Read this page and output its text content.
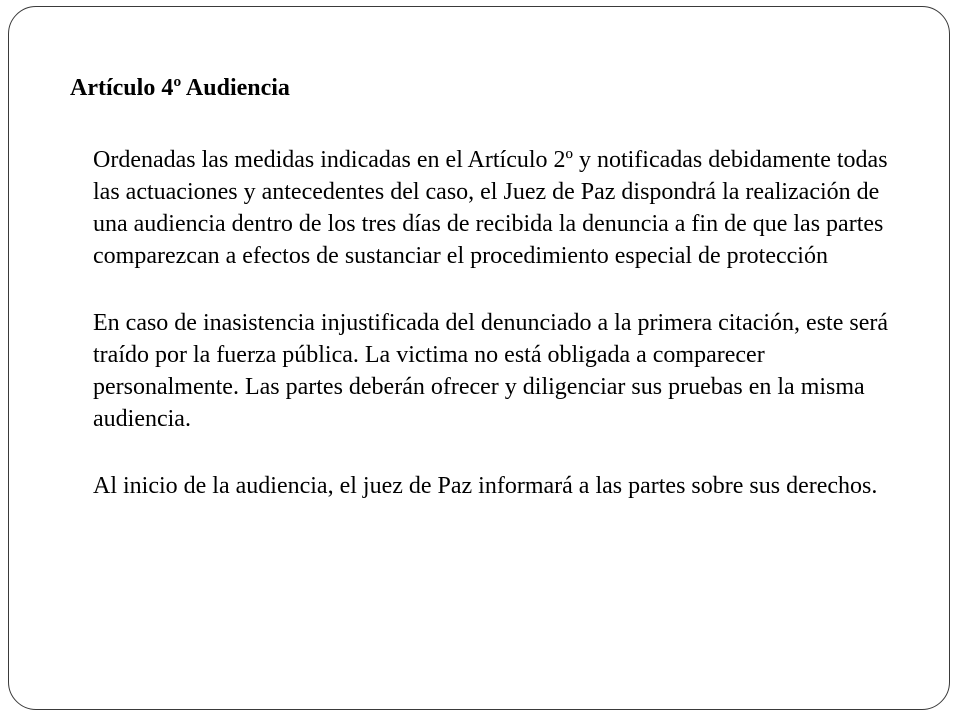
Artículo 4º Audiencia

Ordenadas las medidas indicadas en el Artículo 2º y notificadas debidamente todas las actuaciones y antecedentes del caso, el Juez de Paz dispondrá la realización de una audiencia dentro de los tres días de recibida la denuncia a fin de que las partes comparezcan a efectos de sustanciar el procedimiento especial de protección

En caso de inasistencia injustificada del denunciado a la primera citación, este será traído por la fuerza pública. La victima no está obligada a comparecer personalmente. Las partes deberán ofrecer y diligenciar sus pruebas en la misma audiencia.

Al inicio de la audiencia, el juez de Paz informará a las partes sobre sus derechos.
